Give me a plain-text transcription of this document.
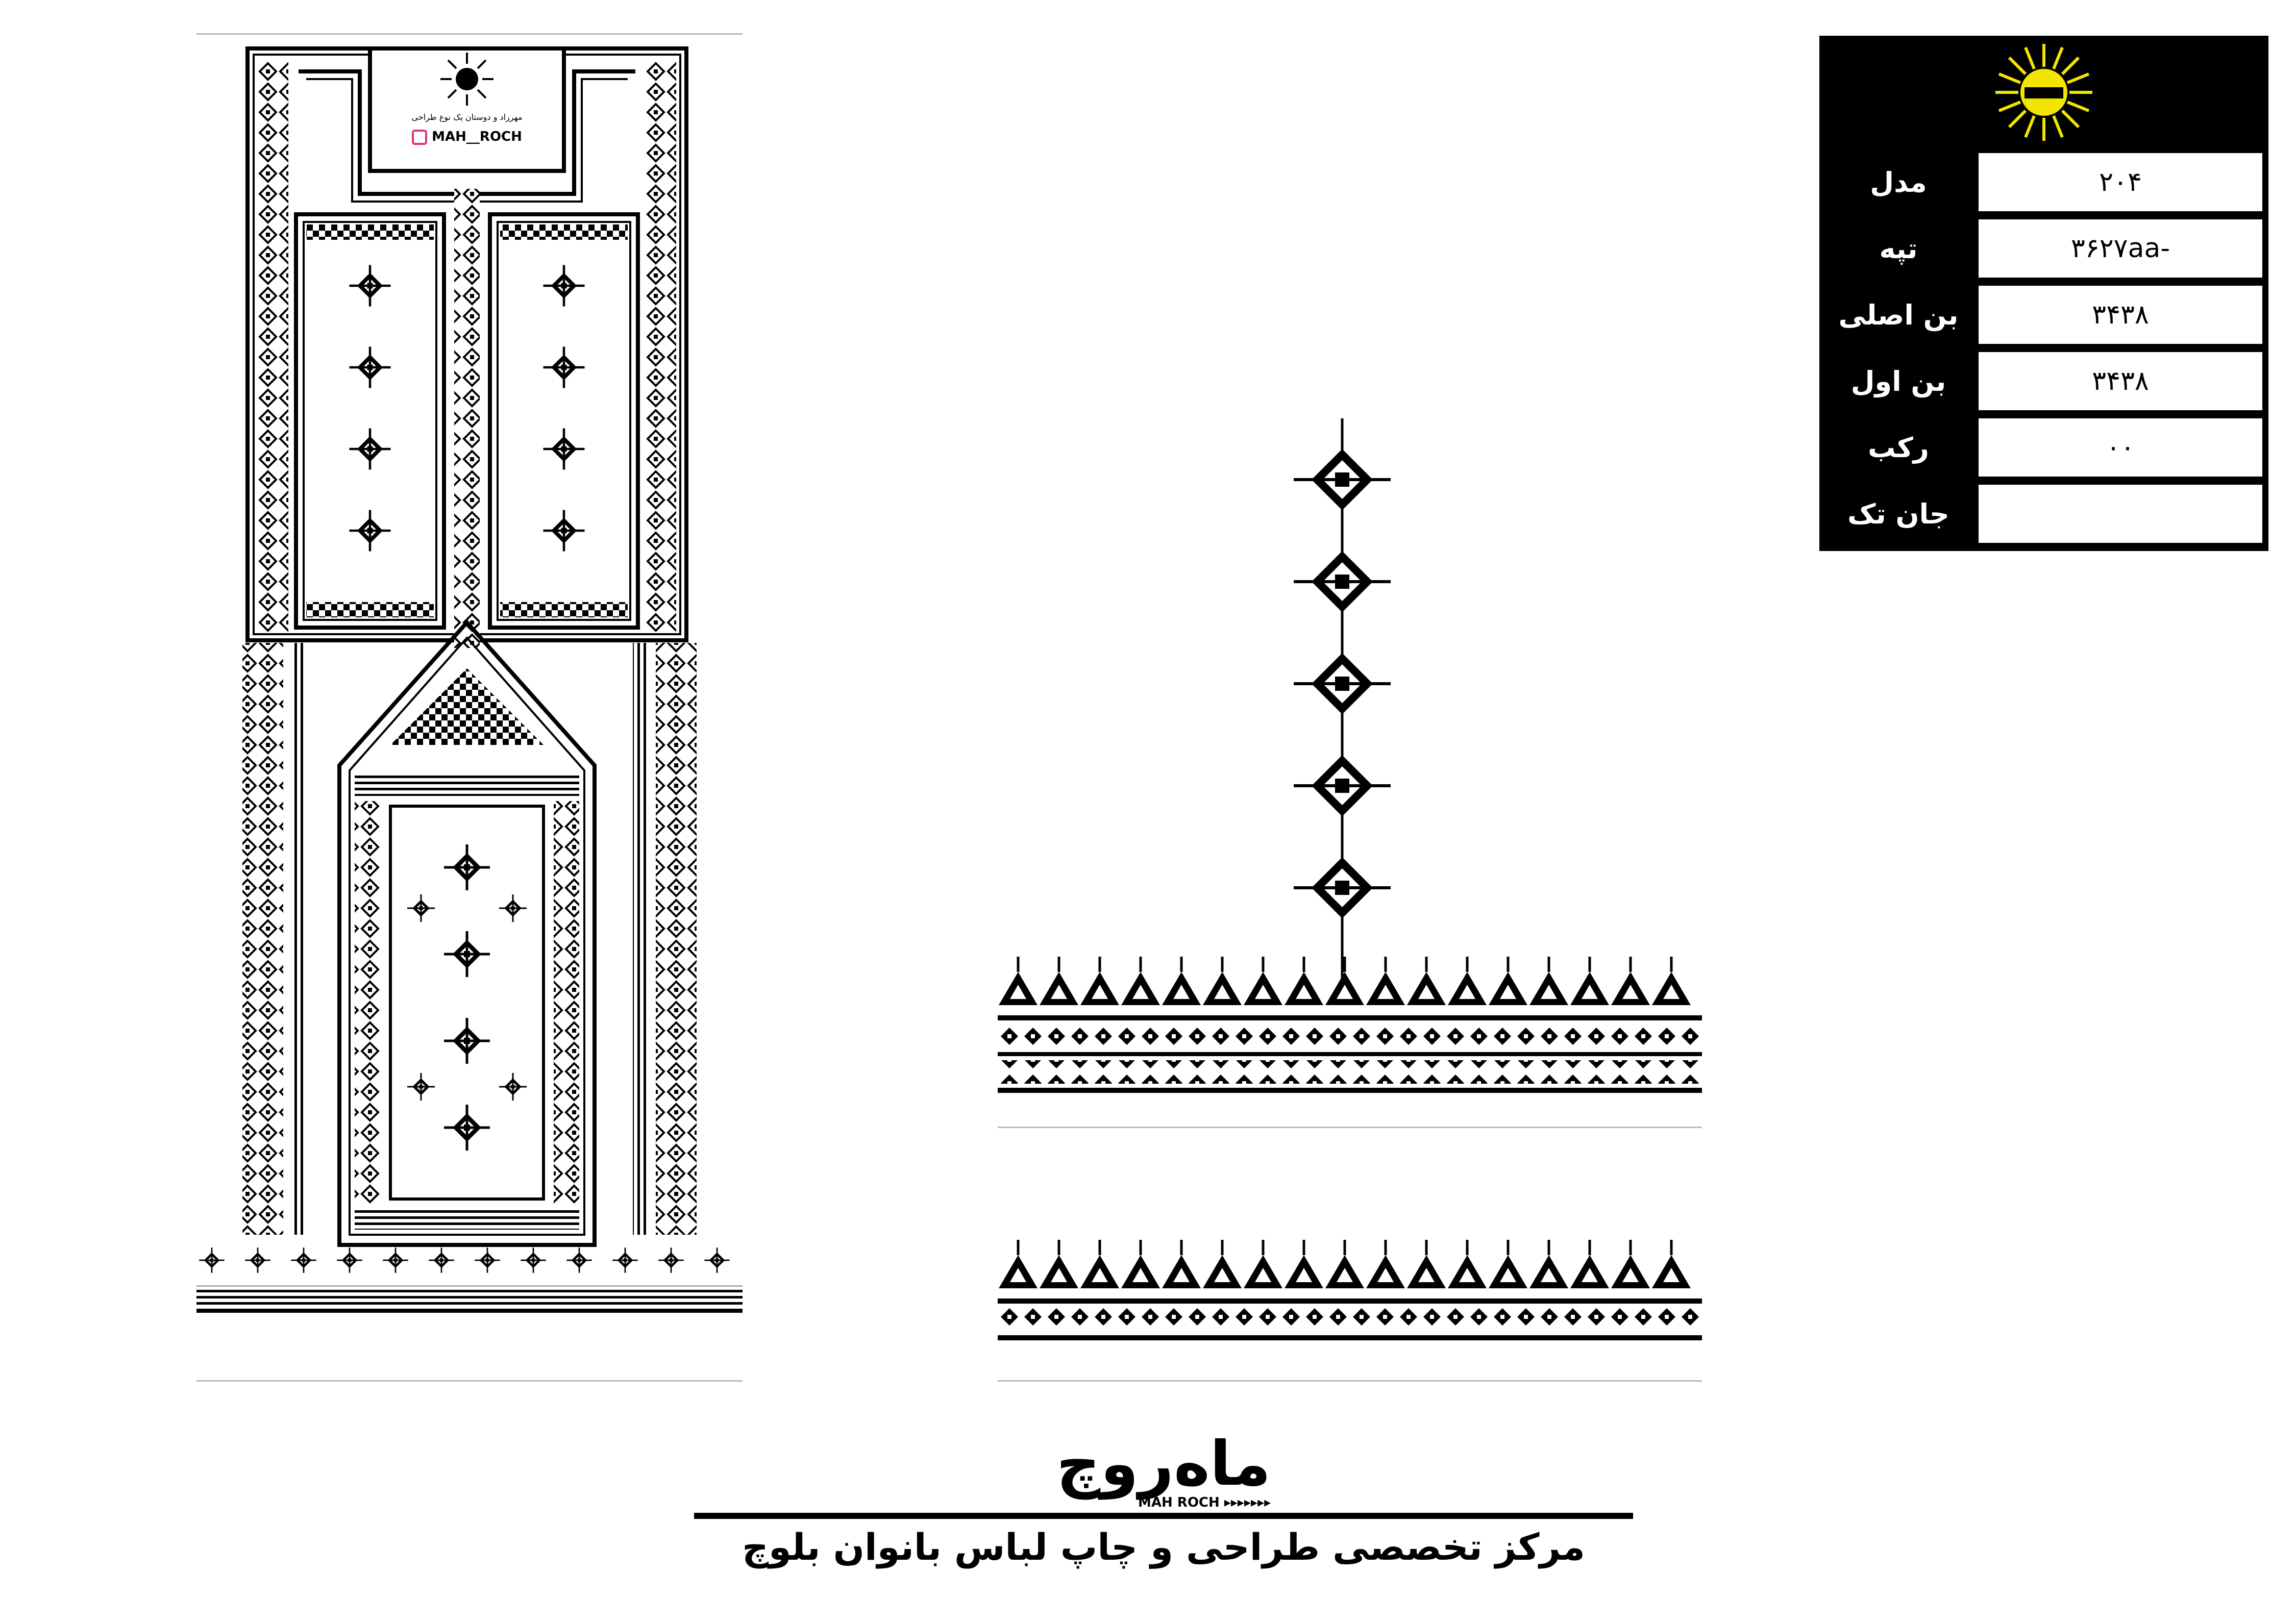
مهرزاد و دوستان یک نوع طراحی
MAH__ROCH
مدل	۲۰۴
تپه	۳۶۲۷aa-
بن اصلی	۳۴۳۸
بن اول	۳۴۳۸
رکب	۰۰
جان تک
ماه‌روچ
MAH ROCH ▸▸▸▸▸▸▸
مرکز تخصصی طراحی و چاپ لباس بانوان بلوچ
